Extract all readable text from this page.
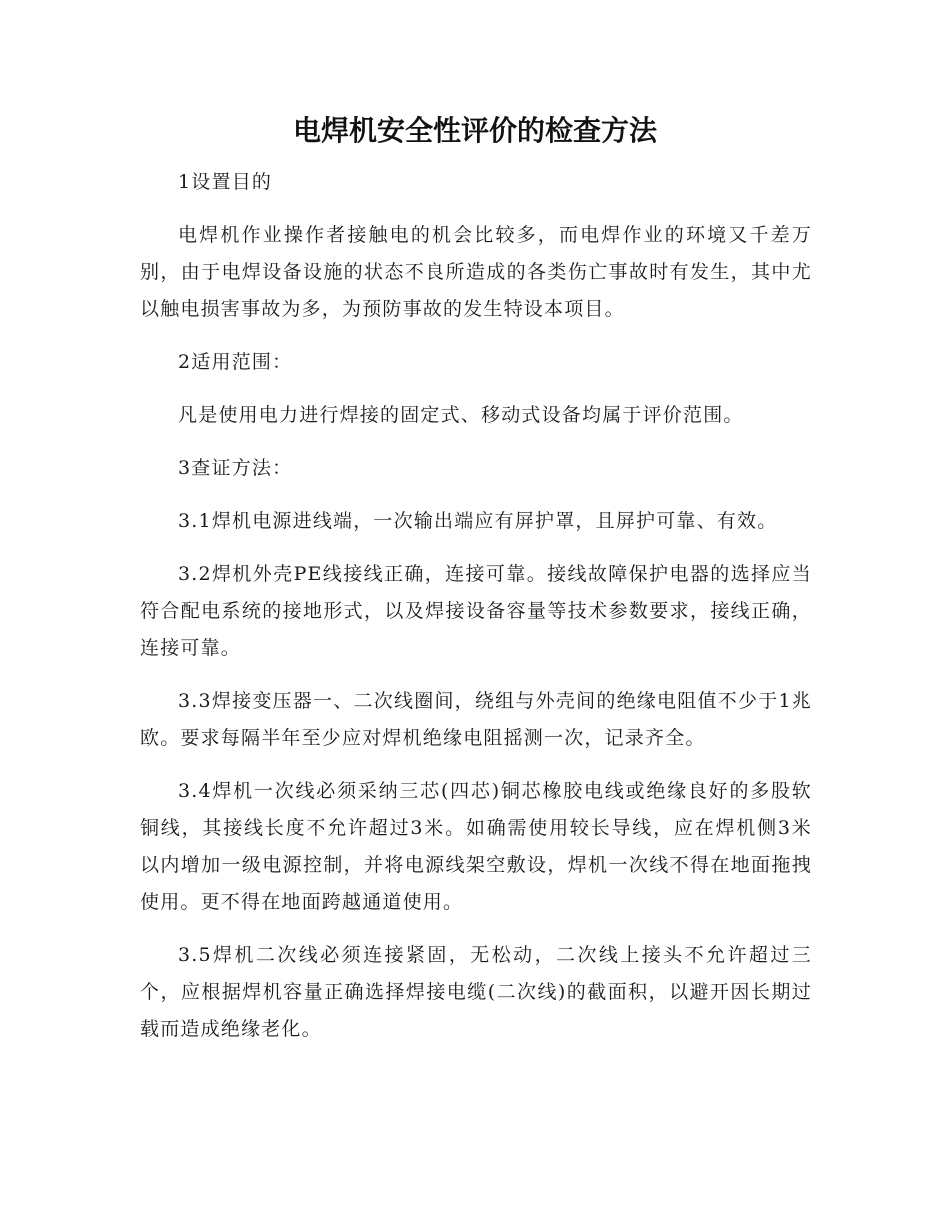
电焊机安全性评价的检查方法

1设置目的

电焊机作业操作者接触电的机会比较多，而电焊作业的环境又千差万别，由于电焊设备设施的状态不良所造成的各类伤亡事故时有发生，其中尤以触电损害事故为多，为预防事故的发生特设本项目。

2适用范围：

凡是使用电力进行焊接的固定式、移动式设备均属于评价范围。

3查证方法：

3.1焊机电源进线端，一次输出端应有屏护罩，且屏护可靠、有效。

3.2焊机外壳PE线接线正确，连接可靠。接线故障保护电器的选择应当符合配电系统的接地形式，以及焊接设备容量等技术参数要求，接线正确，连接可靠。

3.3焊接变压器一、二次线圈间，绕组与外壳间的绝缘电阻值不少于1兆欧。要求每隔半年至少应对焊机绝缘电阻摇测一次，记录齐全。

3.4焊机一次线必须采纳三芯(四芯)铜芯橡胶电线或绝缘良好的多股软铜线，其接线长度不允许超过3米。如确需使用较长导线，应在焊机侧3米以内增加一级电源控制，并将电源线架空敷设，焊机一次线不得在地面拖拽使用。更不得在地面跨越通道使用。

3.5焊机二次线必须连接紧固，无松动，二次线上接头不允许超过三个，应根据焊机容量正确选择焊接电缆(二次线)的截面积，以避开因长期过载而造成绝缘老化。
